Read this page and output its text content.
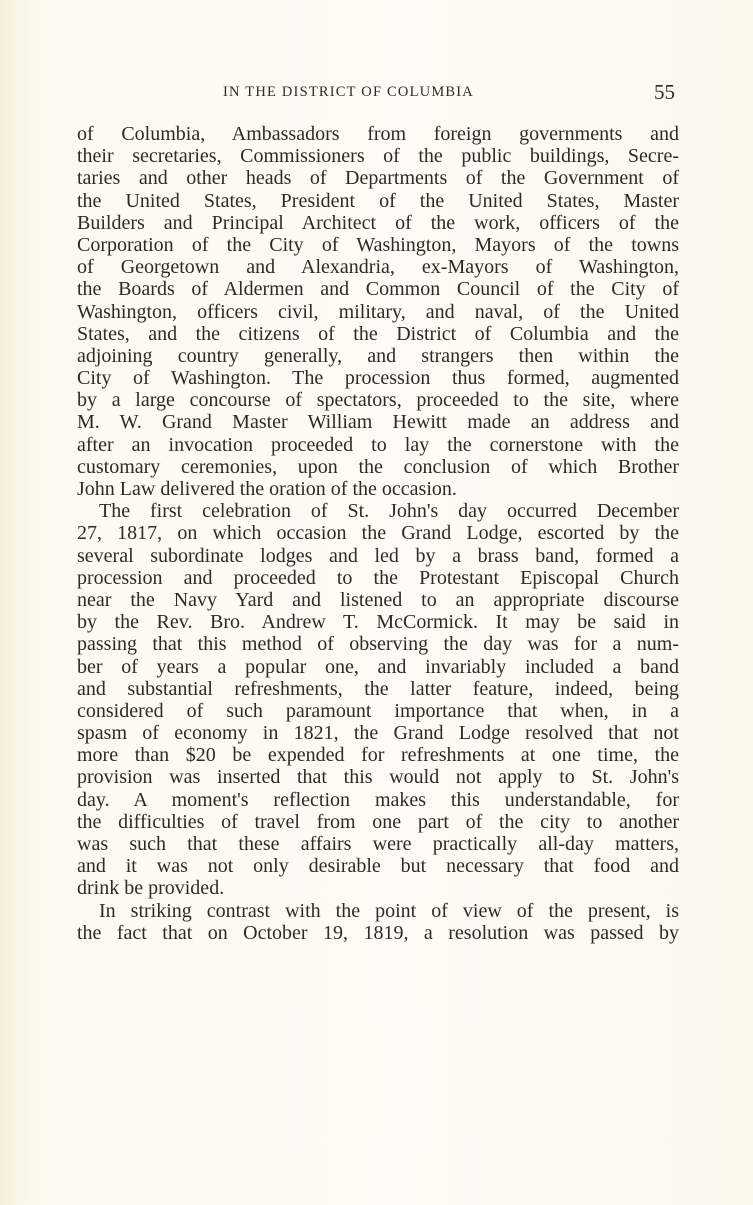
IN THE DISTRICT OF COLUMBIA	55
of Columbia, Ambassadors from foreign governments and
their secretaries, Commissioners of the public buildings, Secre-
taries and other heads of Departments of the Government of
the United States, President of the United States, Master
Builders and Principal Architect of the work, officers of the
Corporation of the City of Washington, Mayors of the towns
of Georgetown and Alexandria, ex-Mayors of Washington,
the Boards of Aldermen and Common Council of the City of
Washington, officers civil, military, and naval, of the United
States, and the citizens of the District of Columbia and the
adjoining country generally, and strangers then within the
City of Washington. The procession thus formed, augmented
by a large concourse of spectators, proceeded to the site, where
M. W. Grand Master William Hewitt made an address and
after an invocation proceeded to lay the cornerstone with the
customary ceremonies, upon the conclusion of which Brother
John Law delivered the oration of the occasion.
The first celebration of St. John's day occurred December
27, 1817, on which occasion the Grand Lodge, escorted by the
several subordinate lodges and led by a brass band, formed a
procession and proceeded to the Protestant Episcopal Church
near the Navy Yard and listened to an appropriate discourse
by the Rev. Bro. Andrew T. McCormick. It may be said in
passing that this method of observing the day was for a num-
ber of years a popular one, and invariably included a band
and substantial refreshments, the latter feature, indeed, being
considered of such paramount importance that when, in a
spasm of economy in 1821, the Grand Lodge resolved that not
more than $20 be expended for refreshments at one time, the
provision was inserted that this would not apply to St. John's
day. A moment's reflection makes this understandable, for
the difficulties of travel from one part of the city to another
was such that these affairs were practically all-day matters,
and it was not only desirable but necessary that food and
drink be provided.
In striking contrast with the point of view of the present, is
the fact that on October 19, 1819, a resolution was passed by
